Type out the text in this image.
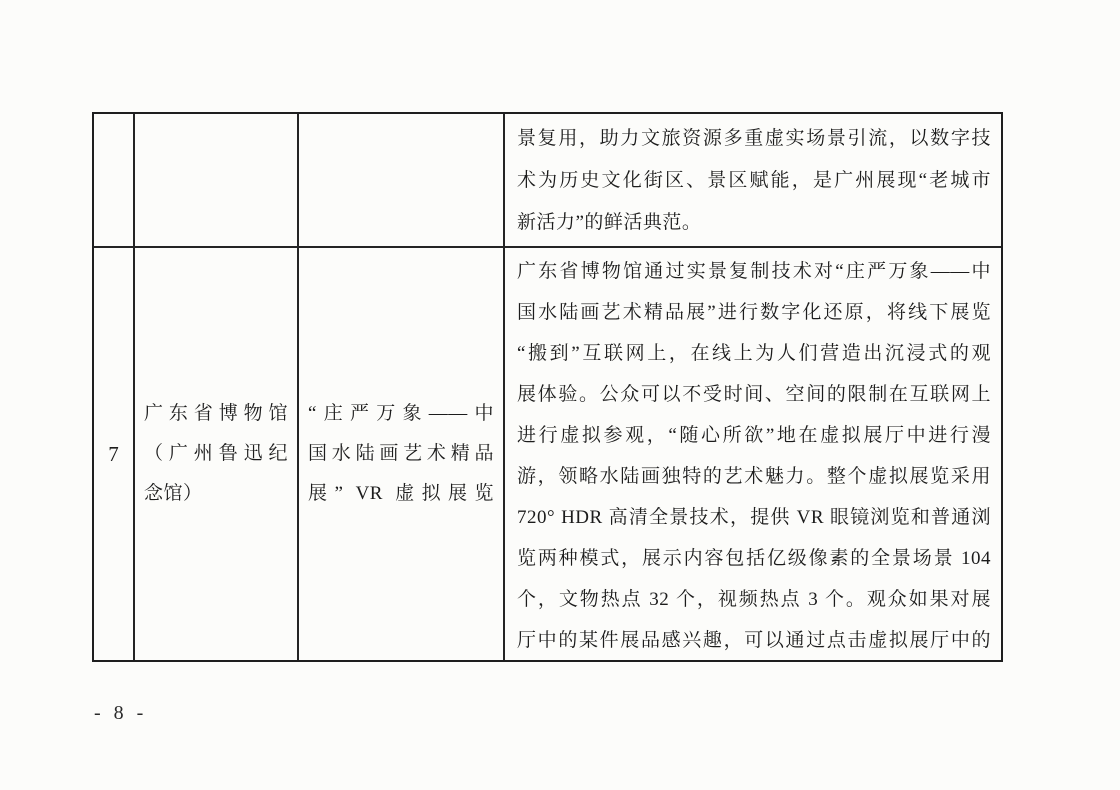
景复用，助力文旅资源多重虚实场景引流，以数字技
术为历史文化街区、景区赋能，是广州展现“老城市
新活力”的鲜活典范。
7
广东省博物馆
（广州鲁迅纪
念馆）
“庄严万象——中
国水陆画艺术精品
展” VR 虚拟展览
广东省博物馆通过实景复制技术对“庄严万象——中
国水陆画艺术精品展”进行数字化还原，将线下展览
“搬到”互联网上，在线上为人们营造出沉浸式的观
展体验。公众可以不受时间、空间的限制在互联网上
进行虚拟参观，“随心所欲”地在虚拟展厅中进行漫
游，领略水陆画独特的艺术魅力。整个虚拟展览采用
720° HDR 高清全景技术，提供 VR 眼镜浏览和普通浏
览两种模式，展示内容包括亿级像素的全景场景 104
个，文物热点 32 个，视频热点 3 个。观众如果对展
厅中的某件展品感兴趣，可以通过点击虚拟展厅中的
- 8 -
